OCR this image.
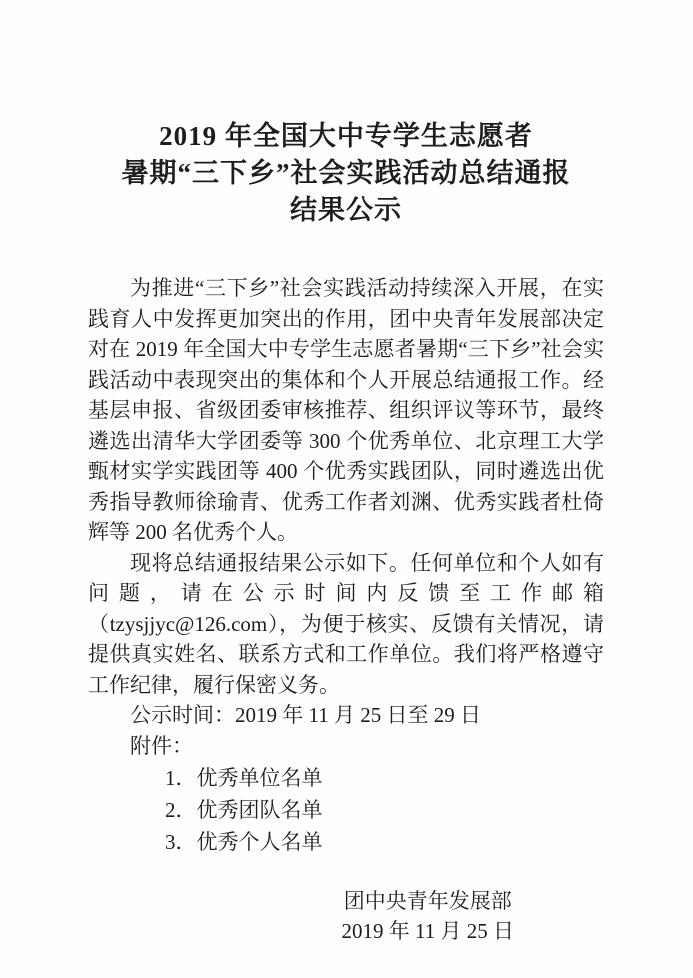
2019 年全国大中专学生志愿者
暑期“三下乡”社会实践活动总结通报
结果公示

为推进“三下乡”社会实践活动持续深入开展，在实践育人中发挥更加突出的作用，团中央青年发展部决定对在 2019 年全国大中专学生志愿者暑期“三下乡”社会实践活动中表现突出的集体和个人开展总结通报工作。经基层申报、省级团委审核推荐、组织评议等环节，最终遴选出清华大学团委等 300 个优秀单位、北京理工大学甄材实学实践团等 400 个优秀实践团队，同时遴选出优秀指导教师徐瑜青、优秀工作者刘渊、优秀实践者杜倚辉等 200 名优秀个人。

现将总结通报结果公示如下。任何单位和个人如有问题，请在公示时间内反馈至工作邮箱（tzysjjyc@126.com），为便于核实、反馈有关情况，请提供真实姓名、联系方式和工作单位。我们将严格遵守工作纪律，履行保密义务。

公示时间：2019 年 11 月 25 日至 29 日

附件：

1．优秀单位名单
2．优秀团队名单
3．优秀个人名单
团中央青年发展部
2019 年 11 月 25 日
